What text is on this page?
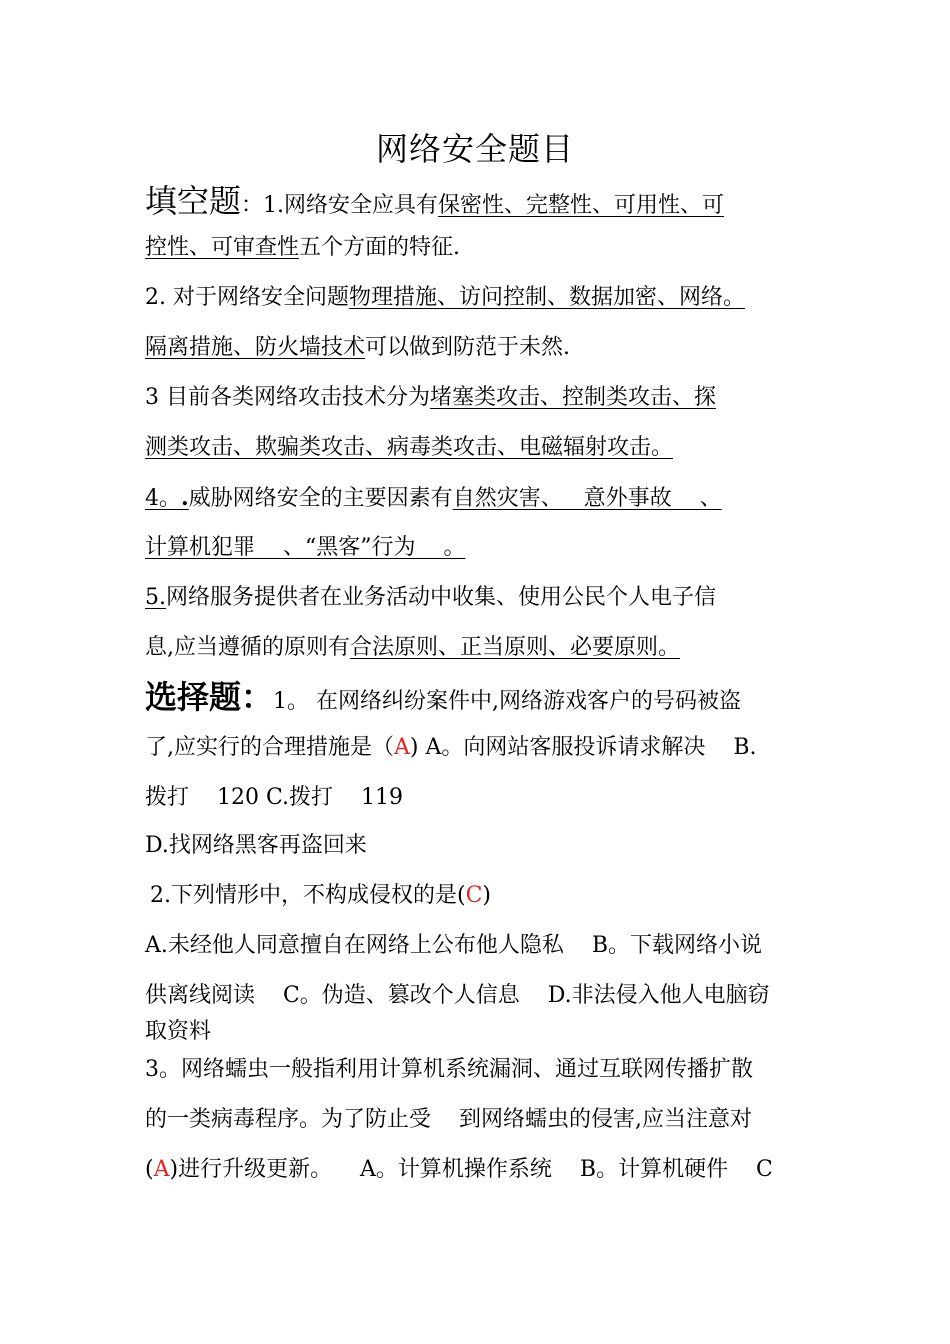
网络安全题目
填空题：1.网络安全应具有保密性、完整性、可用性、可
控性、可审查性五个方面的特征.
2. 对于网络安全问题物理措施、访问控制、数据加密、网络。
隔离措施、防火墙技术可以做到防范于未然.
3 目前各类网络攻击技术分为堵塞类攻击、控制类攻击、探
测类攻击、欺骗类攻击、病毒类攻击、电磁辐射攻击。
4。.威胁网络安全的主要因素有自然灾害、   意外事故    、
计算机犯罪    、“黑客”行为    。
5.网络服务提供者在业务活动中收集、使用公民个人电子信
息,应当遵循的原则有合法原则、正当原则、必要原则。
选择题：1。 在网络纠纷案件中,网络游戏客户的号码被盗
了,应实行的合理措施是（A) A。向网站客服投诉请求解决    B.
拨打    120 C.拨打    119
D.找网络黑客再盗回来
2.下列情形中，不构成侵权的是(C)
A.未经他人同意擅自在网络上公布他人隐私    B。下载网络小说
供离线阅读    C。伪造、篡改个人信息    D.非法侵入他人电脑窃
取资料
3。网络蠕虫一般指利用计算机系统漏洞、通过互联网传播扩散
的一类病毒程序。为了防止受    到网络蠕虫的侵害,应当注意对
(A)进行升级更新。    A。计算机操作系统    B。计算机硬件    C
